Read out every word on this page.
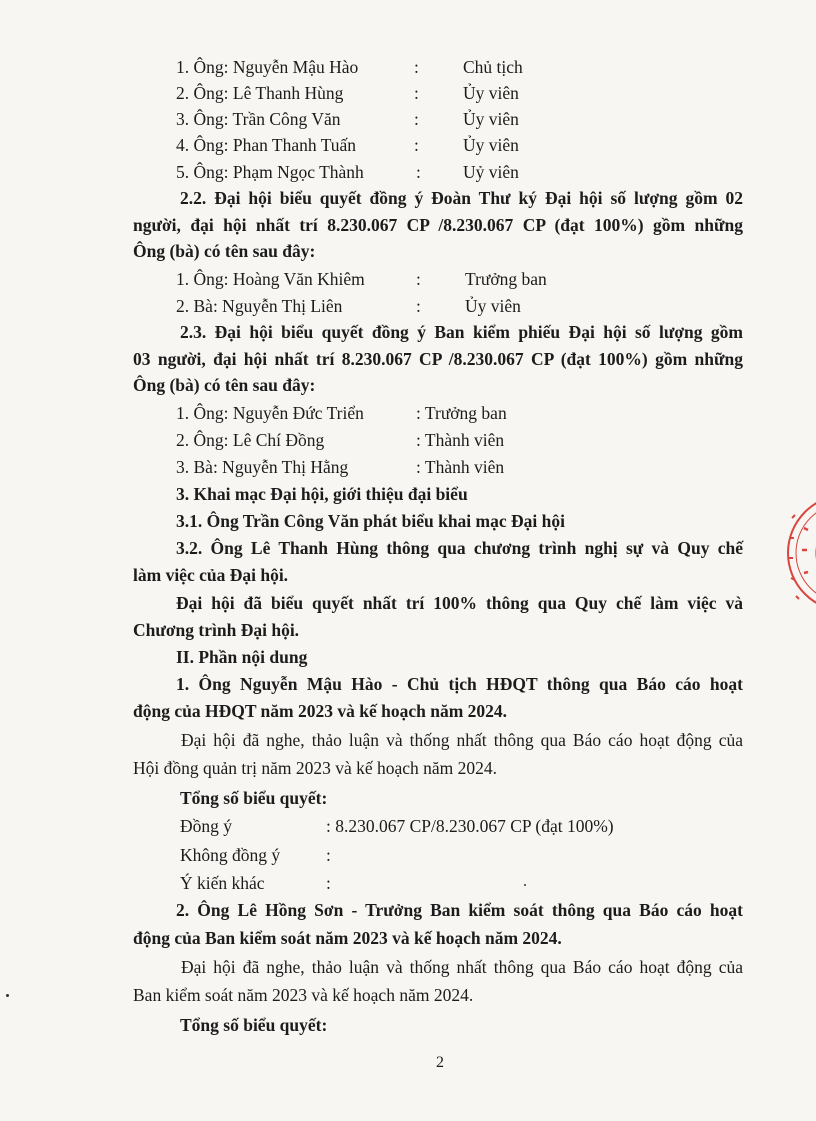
1. Ông: Nguyễn Mậu Hào	:	Chủ tịch
2. Ông: Lê Thanh Hùng	:	Ủy viên
3. Ông: Trần Công Văn	:	Ủy viên
4. Ông: Phan Thanh Tuấn	:	Ủy viên
5. Ông: Phạm Ngọc Thành	: Uỷ viên
2.2. Đại hội biểu quyết đồng ý Đoàn Thư ký Đại hội số lượng gồm 02
người, đại hội nhất trí 8.230.067 CP /8.230.067 CP (đạt 100%) gồm những
Ông (bà) có tên sau đây:
1. Ông: Hoàng Văn Khiêm	:	Trưởng ban
2. Bà: Nguyễn Thị Liên	:	Ủy viên
2.3. Đại hội biểu quyết đồng ý Ban kiểm phiếu Đại hội số lượng gồm
03 người, đại hội nhất trí 8.230.067 CP /8.230.067 CP (đạt 100%) gồm những
Ông (bà) có tên sau đây:
1. Ông: Nguyễn Đức Triển	: Trưởng ban
2. Ông: Lê Chí Đồng	: Thành viên
3. Bà: Nguyễn Thị Hằng	: Thành viên
3. Khai mạc Đại hội, giới thiệu đại biểu
3.1. Ông Trần Công Văn phát biểu khai mạc Đại hội
3.2. Ông Lê Thanh Hùng thông qua chương trình nghị sự và Quy chế
làm việc của Đại hội.
Đại hội đã biểu quyết nhất trí 100% thông qua Quy chế làm việc và
Chương trình Đại hội.
II. Phần nội dung
1. Ông Nguyễn Mậu Hào - Chủ tịch HĐQT thông qua Báo cáo hoạt
động của HĐQT năm 2023 và kế hoạch năm 2024.
Đại hội đã nghe, thảo luận và thống nhất thông qua Báo cáo hoạt động của
Hội đồng quản trị năm 2023 và kế hoạch năm 2024.
Tổng số biểu quyết:
Đồng ý	: 8.230.067 CP/8.230.067 CP (đạt 100%)
Không đồng ý	:
Ý kiến khác	:
2. Ông Lê Hồng Sơn - Trưởng Ban kiểm soát thông qua Báo cáo hoạt
động của Ban kiểm soát năm 2023 và kế hoạch năm 2024.
Đại hội đã nghe, thảo luận và thống nhất thông qua Báo cáo hoạt động của
Ban kiểm soát năm 2023 và kế hoạch năm 2024.
Tổng số biểu quyết:
2
